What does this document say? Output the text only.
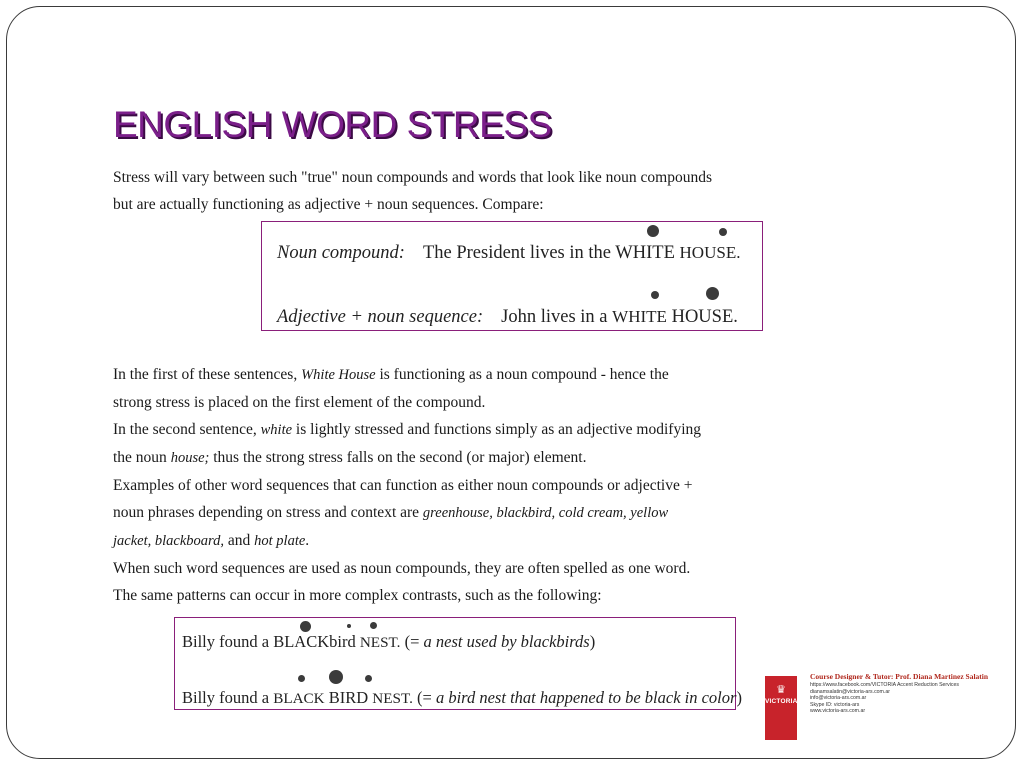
ENGLISH WORD STRESS

Stress will vary between such "true" noun compounds and words that look like noun compounds

but are actually functioning as adjective + noun sequences. Compare:

Noun compound: The President lives in the WHITE HOUSE.
Adjective + noun sequence: John lives in a WHITE HOUSE.

In the first of these sentences, White House is functioning as a noun compound - hence the

strong stress is placed on the first element of the compound.

In the second sentence, white is lightly stressed and functions simply as an adjective modifying

the noun house; thus the strong stress falls on the second (or major) element.

Examples of other word sequences that can function as either noun compounds or adjective +

noun phrases depending on stress and context are greenhouse, blackbird, cold cream, yellow

jacket, blackboard, and hot plate.

When such word sequences are used as noun compounds, they are often spelled as one word.

The same patterns can occur in more complex contrasts, such as the following:

Billy found a BLACKbird NEST. (= a nest used by blackbirds)
Billy found a BLACK BIRD NEST. (= a bird nest that happened to be black in color)	♛
VICTORIA
Course Designer & Tutor: Prof. Diana Martinez Salatin
https://www.facebook.com/VICTORIA Accent Reduction Services
dianamsalatin@victoria-ars.com.ar
info@victoria-ars.com.ar
Skype ID: victoria-ars
www.victoria-ars.com.ar
